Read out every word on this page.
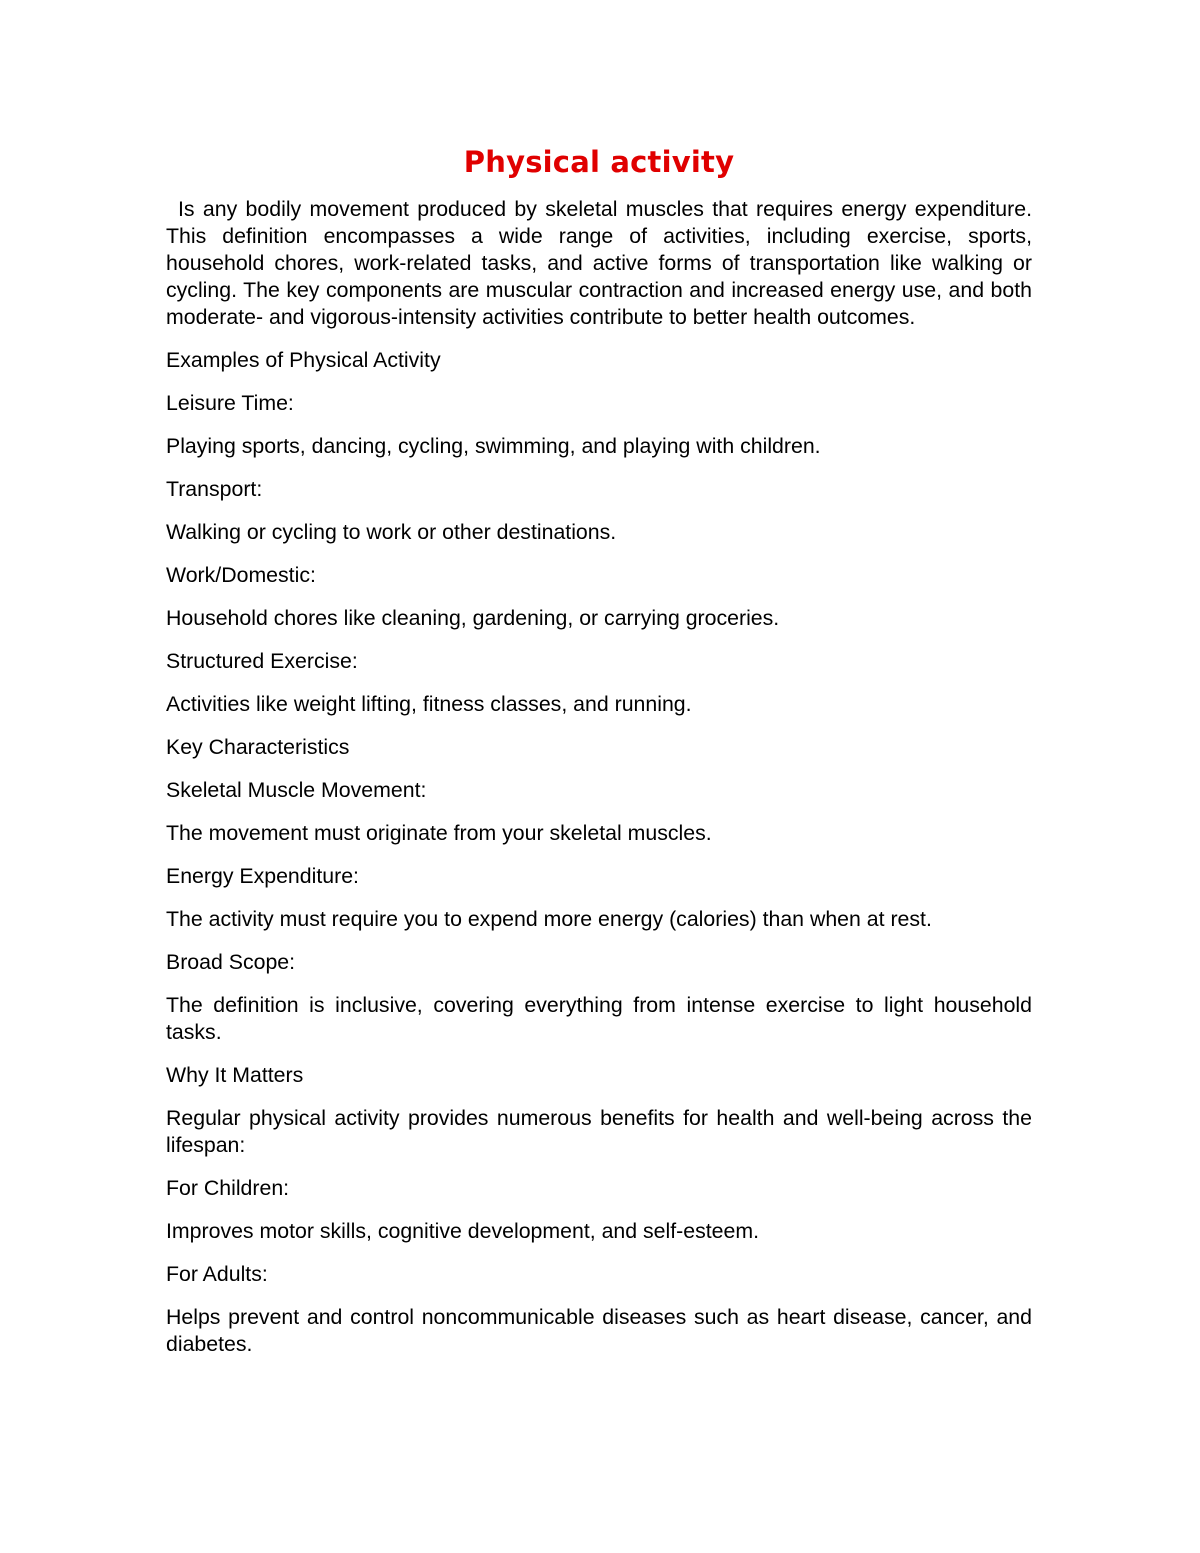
Physical activity

Is any bodily movement produced by skeletal muscles that requires energy expenditure. This definition encompasses a wide range of activities, including exercise, sports, household chores, work-related tasks, and active forms of transportation like walking or cycling. The key components are muscular contraction and increased energy use, and both moderate- and vigorous-intensity activities contribute to better health outcomes.

Examples of Physical Activity

Leisure Time:

Playing sports, dancing, cycling, swimming, and playing with children.

Transport:

Walking or cycling to work or other destinations.

Work/Domestic:

Household chores like cleaning, gardening, or carrying groceries.

Structured Exercise:

Activities like weight lifting, fitness classes, and running.

Key Characteristics

Skeletal Muscle Movement:

The movement must originate from your skeletal muscles.

Energy Expenditure:

The activity must require you to expend more energy (calories) than when at rest.

Broad Scope:

The definition is inclusive, covering everything from intense exercise to light household tasks.

Why It Matters

Regular physical activity provides numerous benefits for health and well-being across the lifespan:

For Children:

Improves motor skills, cognitive development, and self-esteem.

For Adults:

Helps prevent and control noncommunicable diseases such as heart disease, cancer, and diabetes.
